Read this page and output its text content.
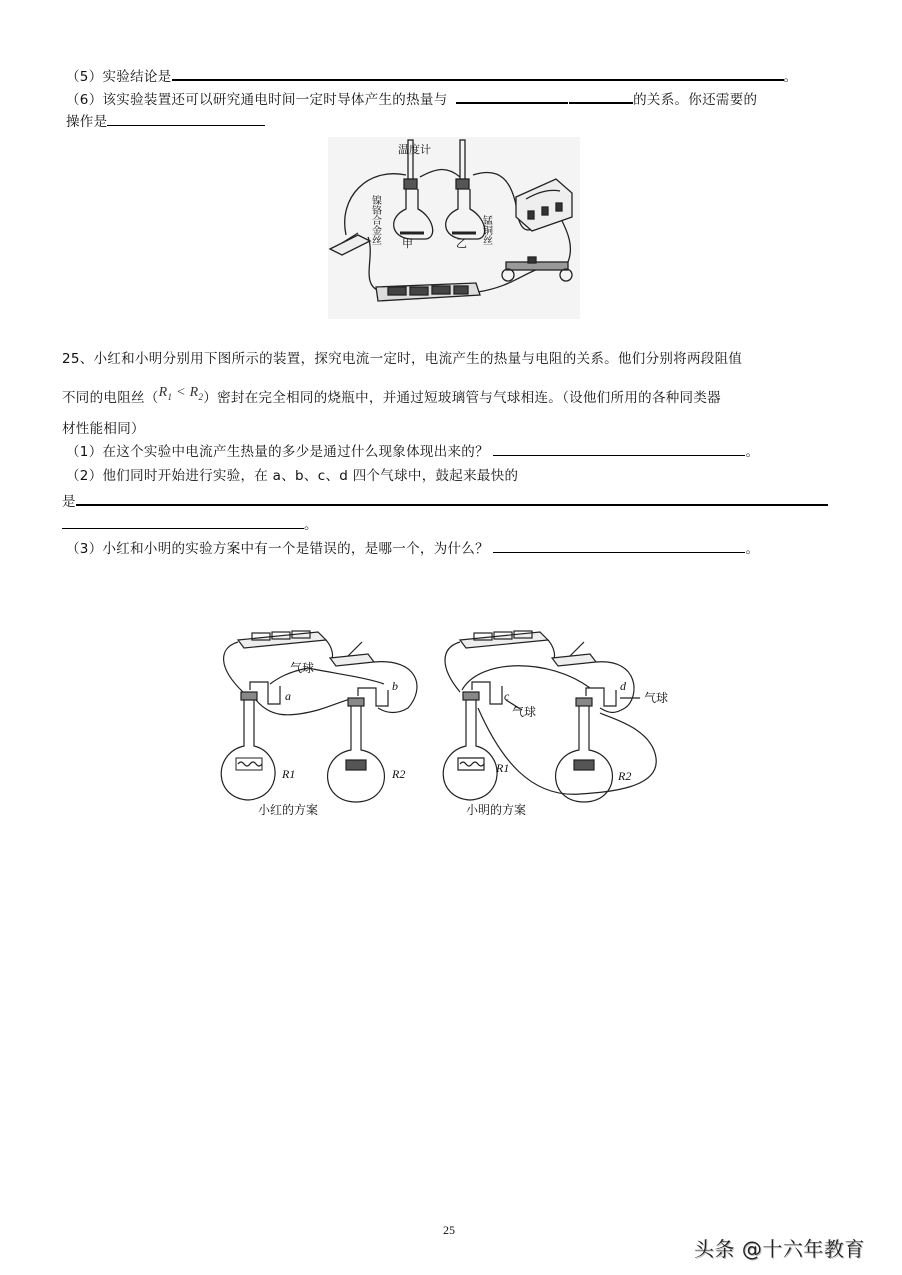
（5）实验结论是	。
（6）该实验装置还可以研究通电时间一定时导体产生的热量与	的关系。你还需要的
操作是
温度计
镍铬合金丝	锰铜丝
甲	乙
25、小红和小明分别用下图所示的装置，探究电流一定时，电流产生的热量与电阻的关系。他们分别将两段阻值
不同的电阻丝$(R_1 < R_2)$密封在完全相同的烧瓶中，并通过短玻璃管与气球相连。（设他们所用的各种同类器
材性能相同）
（1）在这个实验中电流产生热量的多少是通过什么现象体现出来的？	。
（2）他们同时开始进行实验，在 a、b、c、d 四个气球中，鼓起来最快的
是
。
（3）小红和小明的实验方案中有一个是错误的，是哪一个，为什么？	。
气球
a
b
R1	R2
小红的方案
c
气球
d
气球
R1
R2
小明的方案
25
头条 @十六年教育
